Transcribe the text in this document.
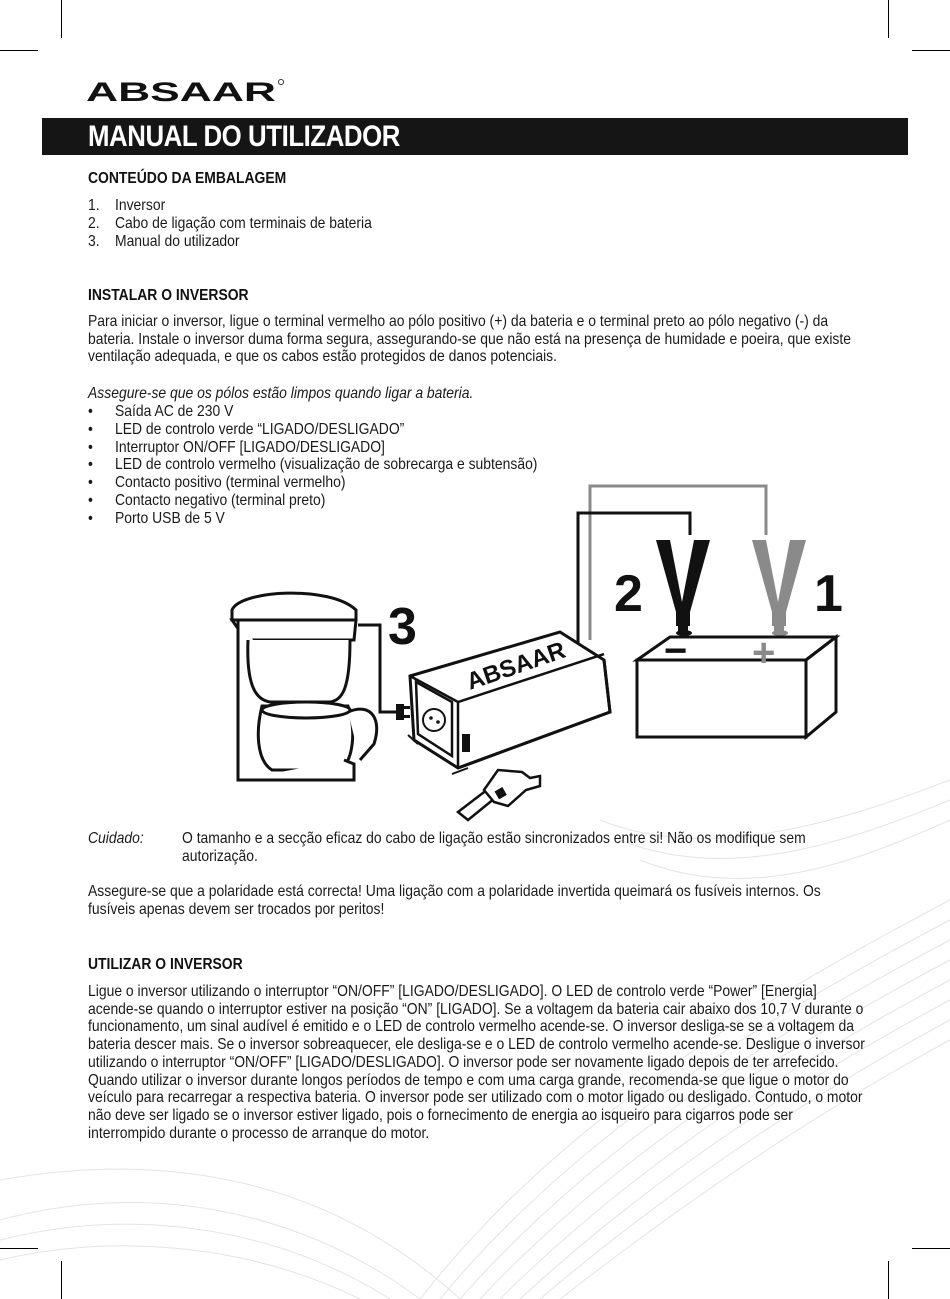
ABSAAR
MANUAL DO UTILIZADOR
CONTEÚDO DA EMBALAGEM
1. Inversor
2. Cabo de ligação com terminais de bateria
3. Manual do utilizador
INSTALAR O INVERSOR

Para iniciar o inversor, ligue o terminal vermelho ao pólo positivo (+) da bateria e o terminal preto ao pólo negativo (-) da bateria. Instale o inversor duma forma segura, assegurando-se que não está na presença de humidade e poeira, que existe ventilação adequada, e que os cabos estão protegidos de danos potenciais.

Assegure-se que os pólos estão limpos quando ligar a bateria.

•	Saída AC de 230 V
•	LED de controlo verde “LIGADO/DESLIGADO”
•	Interruptor ON/OFF [LIGADO/DESLIGADO]
•	LED de controlo vermelho (visualização de sobrecarga e subtensão)
•	Contacto positivo (terminal vermelho)
•	Contacto negativo (terminal preto)
•	Porto USB de 5 V
2	1
− +
ABSAAR
3
Cuidado: O tamanho e a secção eficaz do cabo de ligação estão sincronizados entre si! Não os modifique sem autorização.

Assegure-se que a polaridade está correcta! Uma ligação com a polaridade invertida queimará os fusíveis internos. Os fusíveis apenas devem ser trocados por peritos!

UTILIZAR O INVERSOR

Ligue o inversor utilizando o interruptor “ON/OFF” [LIGADO/DESLIGADO]. O LED de controlo verde “Power” [Energia] acende-se quando o interruptor estiver na posição “ON” [LIGADO]. Se a voltagem da bateria cair abaixo dos 10,7 V durante o funcionamento, um sinal audível é emitido e o LED de controlo vermelho acende-se. O inversor desliga-se se a voltagem da bateria descer mais. Se o inversor sobreaquecer, ele desliga-se e o LED de controlo vermelho acende-se. Desligue o inversor utilizando o interruptor “ON/OFF” [LIGADO/DESLIGADO]. O inversor pode ser novamente ligado depois de ter arrefecido. Quando utilizar o inversor durante longos períodos de tempo e com uma carga grande, recomenda-se que ligue o motor do veículo para recarregar a respectiva bateria. O inversor pode ser utilizado com o motor ligado ou desligado. Contudo, o motor não deve ser ligado se o inversor estiver ligado, pois o fornecimento de energia ao isqueiro para cigarros pode ser interrompido durante o processo de arranque do motor.
